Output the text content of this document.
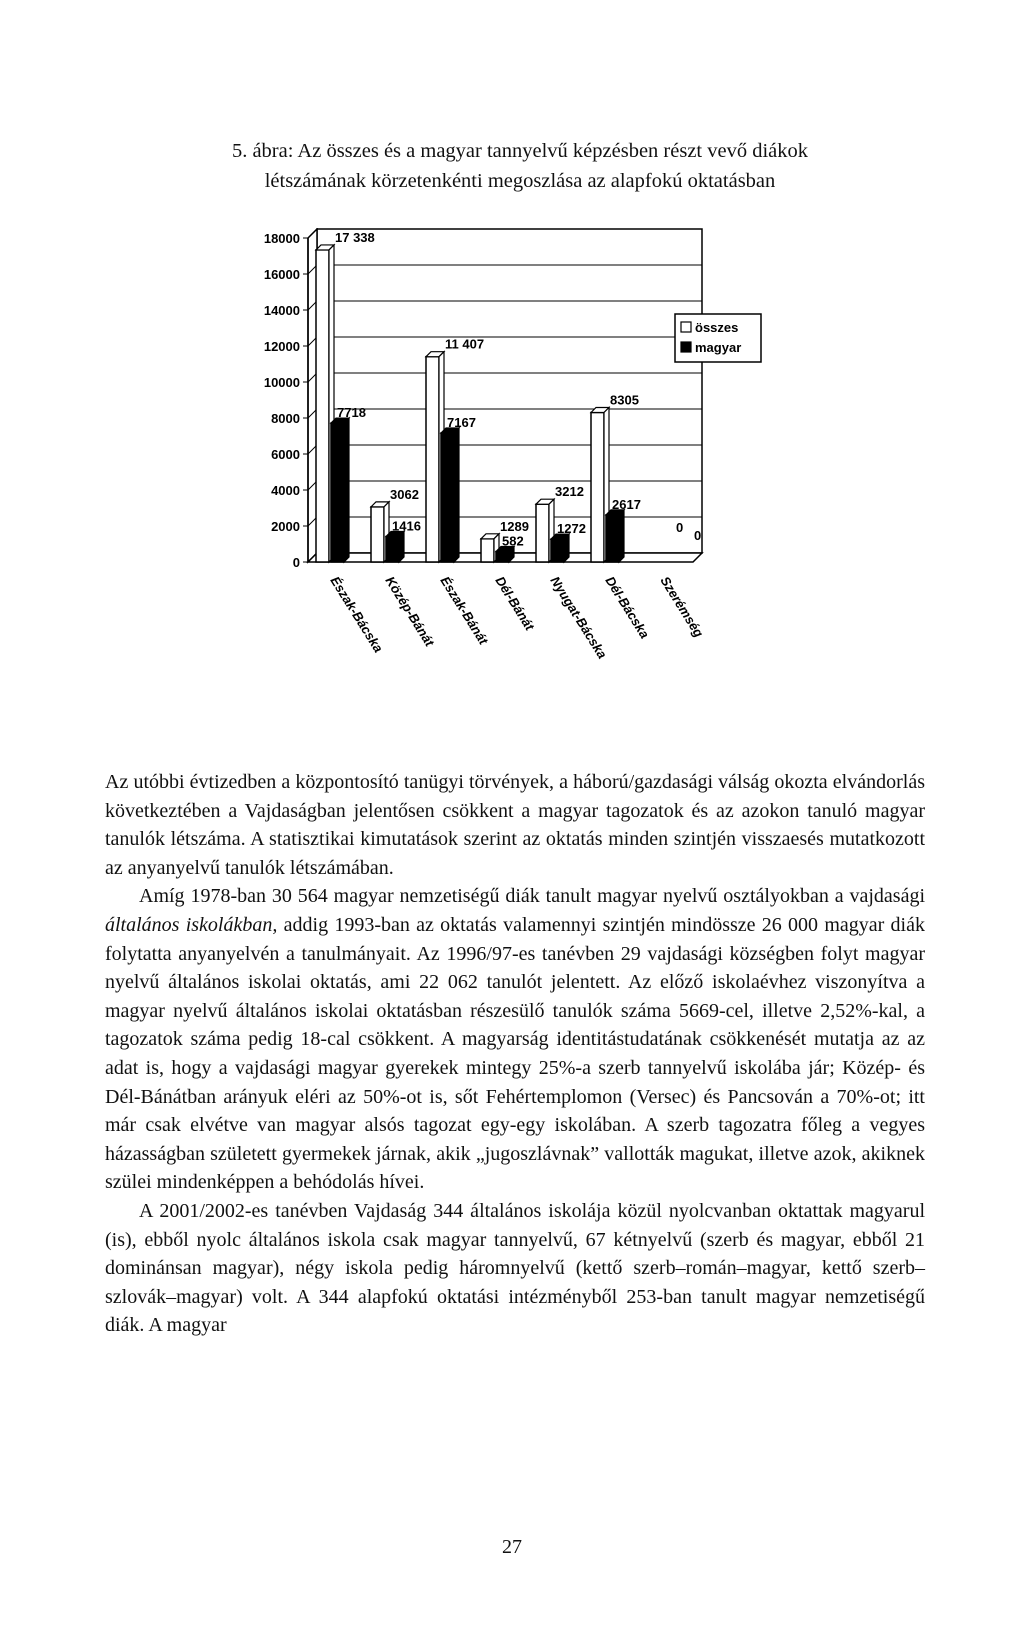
5. ábra: Az összes és a magyar tannyelvű képzésben részt vevő diákok
létszámának körzetenkénti megoszlása az alapfokú oktatásban
0
2000
4000
6000
8000
10000
12000
14000
16000
18000	17 338
7718
Észak-Bácska
3062
1416
Közép-Bánát
11 407
7167
Észak-Bánát
1289
582
Dél-Bánát
3212
1272
Nyugat-Bácska
8305
2617
Dél-Bácska
0
0
Szerémség
összes
magyar

Az utóbbi évtizedben a központosító tanügyi törvények, a háború/gazdasági válság okozta elvándorlás következtében a Vajdaságban jelentősen csökkent a magyar tagozatok és az azokon tanuló magyar tanulók létszáma. A statisztikai kimutatások szerint az oktatás minden szintjén visszaesés mutatkozott az anyanyelvű tanulók létszámában.

Amíg 1978-ban 30 564 magyar nemzetiségű diák tanult magyar nyelvű osztályokban a vajdasági általános iskolákban, addig 1993-ban az oktatás valamennyi szintjén mindössze 26 000 magyar diák folytatta anyanyelvén a tanulmányait. Az 1996/97-es tanévben 29 vajdasági községben folyt magyar nyelvű általános iskolai oktatás, ami 22 062 tanulót jelentett. Az előző iskolaévhez viszonyítva a magyar nyelvű általános iskolai oktatásban részesülő tanulók száma 5669-cel, illetve 2,52%-kal, a tagozatok száma pedig 18-cal csökkent. A magyarság identitástudatának csökkenését mutatja az az adat is, hogy a vajdasági magyar gyerekek mintegy 25%-a szerb tannyelvű iskolába jár; Közép- és Dél-Bánátban arányuk eléri az 50%-ot is, sőt Fehértemplomon (Versec) és Pancsován a 70%-ot; itt már csak elvétve van magyar alsós tagozat egy-egy iskolában. A szerb tagozatra főleg a vegyes házasságban született gyermekek járnak, akik „jugoszlávnak” vallották magukat, illetve azok, akiknek szülei mindenképpen a behódolás hívei.

A 2001/2002-es tanévben Vajdaság 344 általános iskolája közül nyolcvanban oktattak magyarul (is), ebből nyolc általános iskola csak magyar tannyelvű, 67 kétnyelvű (szerb és magyar, ebből 21 dominánsan magyar), négy iskola pedig háromnyelvű (kettő szerb–román–magyar, kettő szerb–szlovák–magyar) volt. A 344 alapfokú oktatási intézményből 253-ban tanult magyar nemzetiségű diák. A magyar

27
